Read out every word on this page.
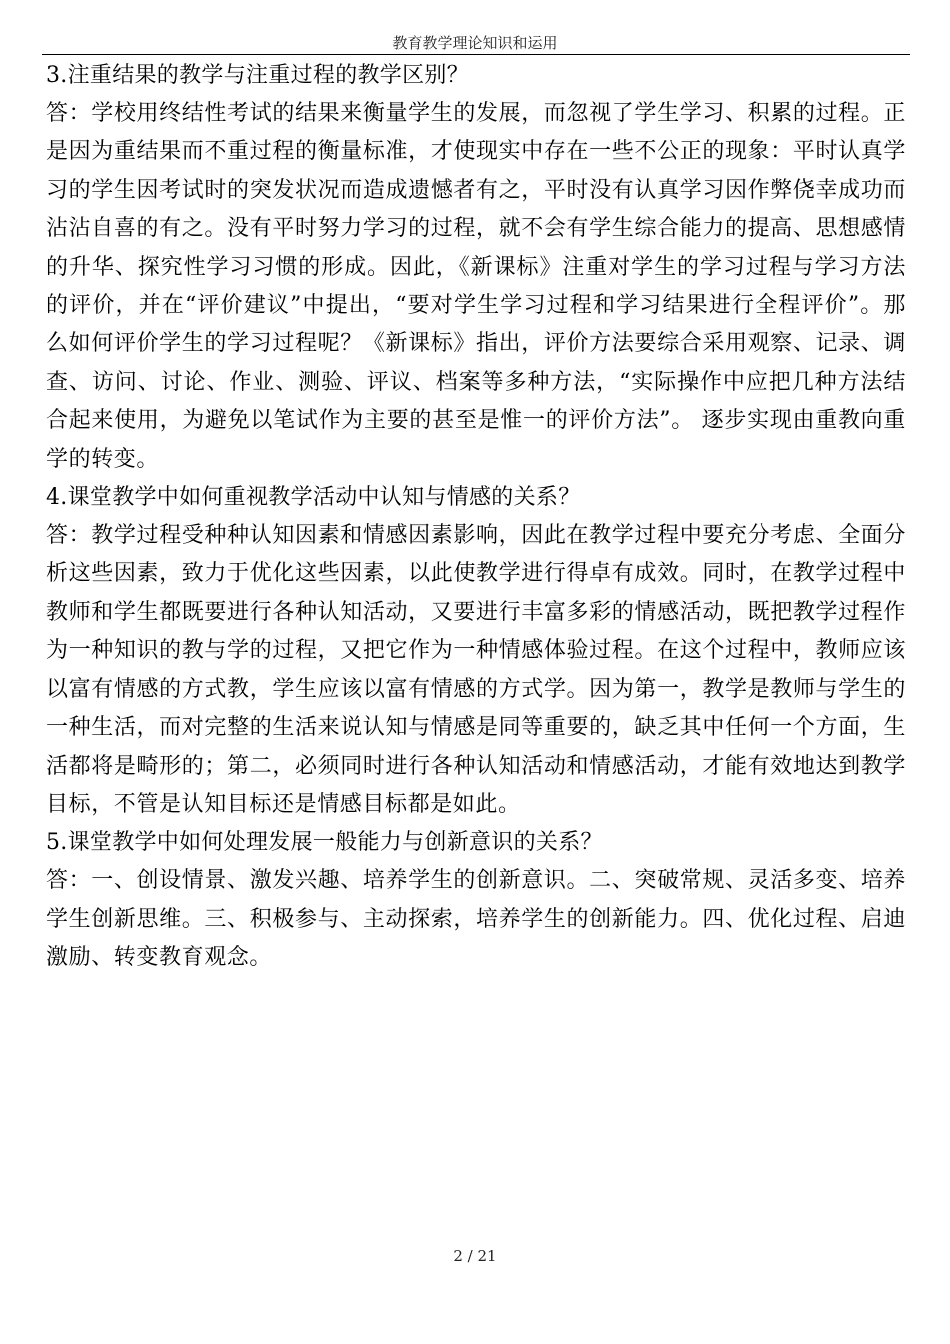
教育教学理论知识和运用

3.注重结果的教学与注重过程的教学区别？

答：学校用终结性考试的结果来衡量学生的发展，而忽视了学生学习、积累的过程。正是因为重结果而不重过程的衡量标准，才使现实中存在一些不公正的现象：平时认真学习的学生因考试时的突发状况而造成遗憾者有之，平时没有认真学习因作弊侥幸成功而沾沾自喜的有之。没有平时努力学习的过程，就不会有学生综合能力的提高、思想感情的升华、探究性学习习惯的形成。因此，《新课标》注重对学生的学习过程与学习方法的评价，并在“评价建议”中提出，“要对学生学习过程和学习结果进行全程评价”。那么如何评价学生的学习过程呢？《新课标》指出，评价方法要综合采用观察、记录、调查、访问、讨论、作业、测验、评议、档案等多种方法，“实际操作中应把几种方法结合起来使用，为避免以笔试作为主要的甚至是惟一的评价方法”。 逐步实现由重教向重学的转变。

4.课堂教学中如何重视教学活动中认知与情感的关系？

答：教学过程受种种认知因素和情感因素影响，因此在教学过程中要充分考虑、全面分析这些因素，致力于优化这些因素，以此使教学进行得卓有成效。同时，在教学过程中教师和学生都既要进行各种认知活动，又要进行丰富多彩的情感活动，既把教学过程作为一种知识的教与学的过程，又把它作为一种情感体验过程。在这个过程中，教师应该以富有情感的方式教，学生应该以富有情感的方式学。因为第一，教学是教师与学生的一种生活，而对完整的生活来说认知与情感是同等重要的，缺乏其中任何一个方面，生活都将是畸形的；第二，必须同时进行各种认知活动和情感活动，才能有效地达到教学目标，不管是认知目标还是情感目标都是如此。

5.课堂教学中如何处理发展一般能力与创新意识的关系？

答：一、创设情景、激发兴趣、培养学生的创新意识。二、突破常规、灵活多变、培养学生创新思维。三、积极参与、主动探索，培养学生的创新能力。四、优化过程、启迪激励、转变教育观念。

2 / 21
